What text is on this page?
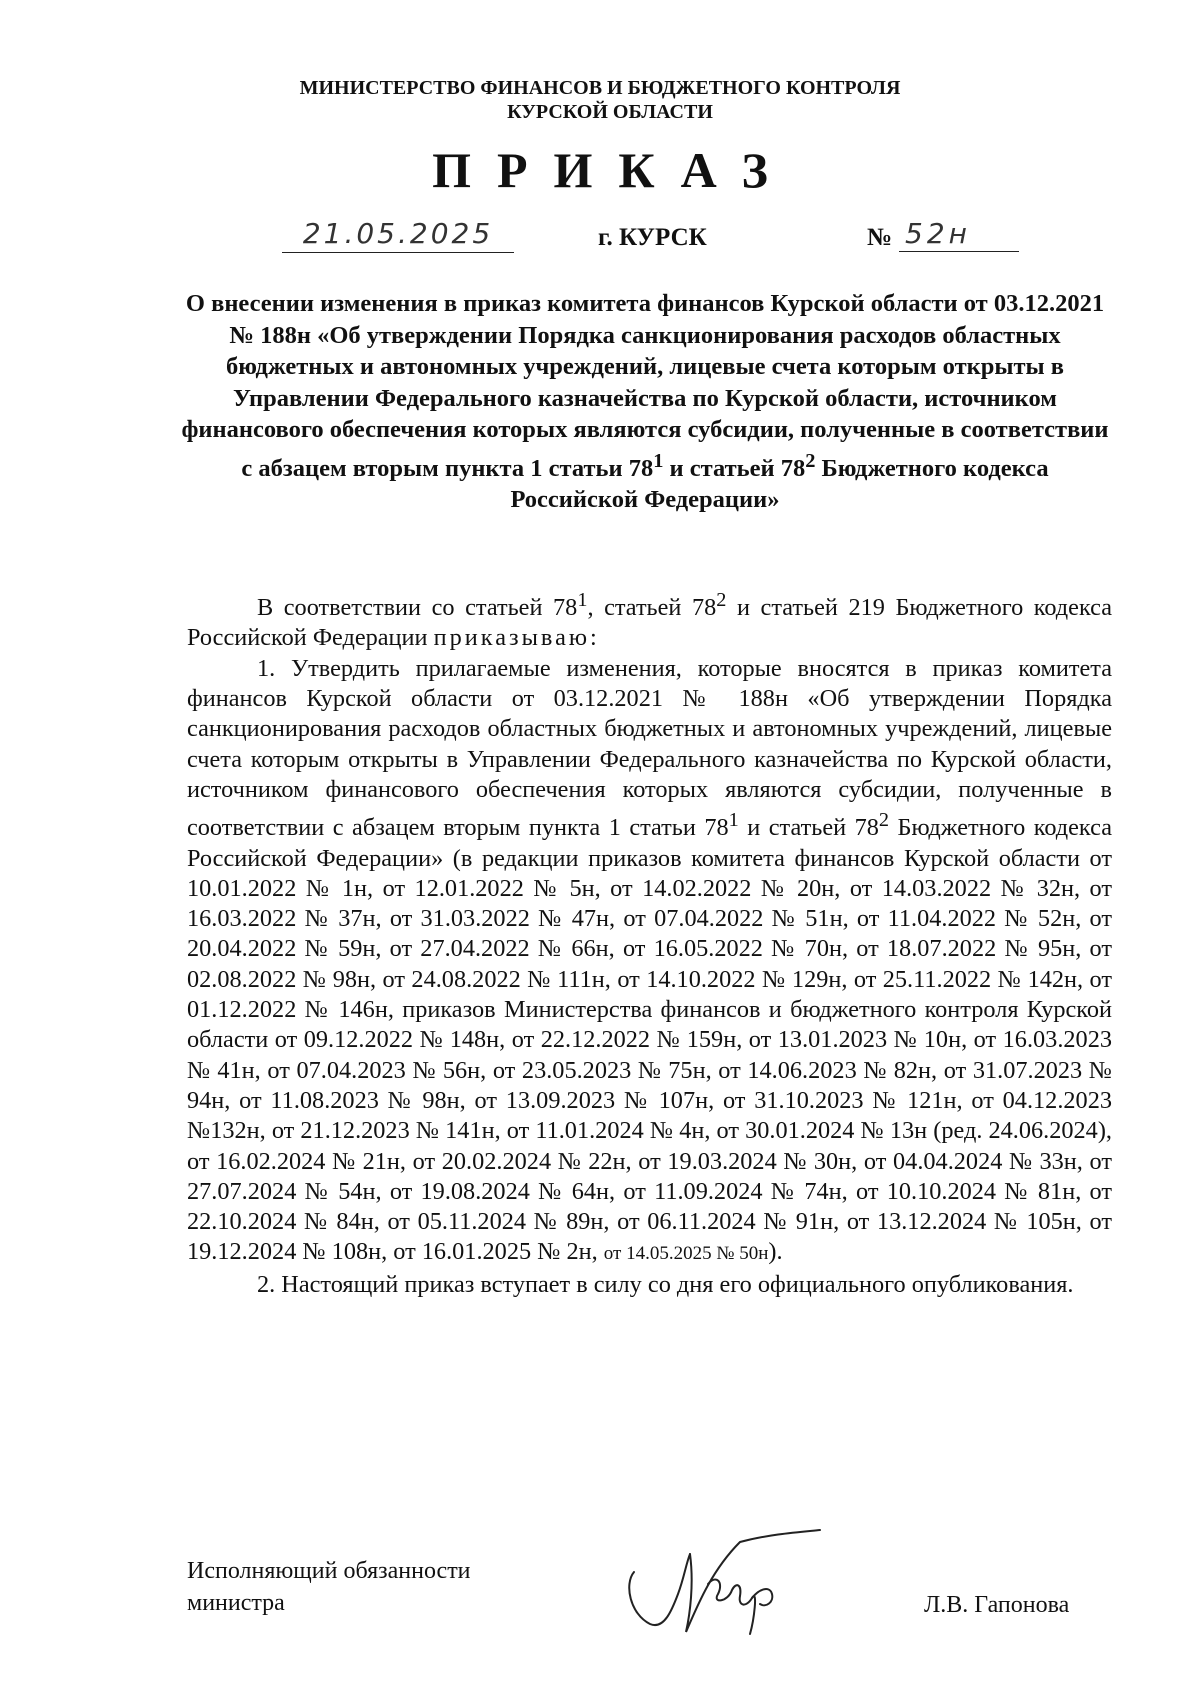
МИНИСТЕРСТВО ФИНАНСОВ И БЮДЖЕТНОГО КОНТРОЛЯ
КУРСКОЙ ОБЛАСТИ
ПРИКАЗ
21.05.2025	г. КУРСК	№ 52н
О внесении изменения в приказ комитета финансов Курской области от 03.12.2021 № 188н «Об утверждении Порядка санкционирования расходов областных бюджетных и автономных учреждений, лицевые счета которым открыты в Управлении Федерального казначейства по Курской области, источником финансового обеспечения которых являются субсидии, полученные в соответствии с абзацем вторым пункта 1 статьи $78^1$ и статьей $78^2$ Бюджетного кодекса Российской Федерации»

В соответствии со статьей $78^1$, статьей $78^2$ и статьей 219 Бюджетного кодекса Российской Федерации приказываю:

1. Утвердить прилагаемые изменения, которые вносятся в приказ комитета финансов Курской области от 03.12.2021 № 188н «Об утверждении Порядка санкционирования расходов областных бюджетных и автономных учреждений, лицевые счета которым открыты в Управлении Федерального казначейства по Курской области, источником финансового обеспечения которых являются субсидии, полученные в соответствии с абзацем вторым пункта 1 статьи $78^1$ и статьей $78^2$ Бюджетного кодекса Российской Федерации» (в редакции приказов комитета финансов Курской области от 10.01.2022 № 1н, от 12.01.2022 № 5н, от 14.02.2022 № 20н, от 14.03.2022 № 32н, от 16.03.2022 № 37н, от 31.03.2022 № 47н, от 07.04.2022 № 51н, от 11.04.2022 № 52н, от 20.04.2022 № 59н, от 27.04.2022 № 66н, от 16.05.2022 № 70н, от 18.07.2022 № 95н, от 02.08.2022 № 98н, от 24.08.2022 № 111н, от 14.10.2022 № 129н, от 25.11.2022 № 142н, от 01.12.2022 № 146н, приказов Министерства финансов и бюджетного контроля Курской области от 09.12.2022 № 148н, от 22.12.2022 № 159н, от 13.01.2023 № 10н, от 16.03.2023 № 41н, от 07.04.2023 № 56н, от 23.05.2023 № 75н, от 14.06.2023 № 82н, от 31.07.2023 № 94н, от 11.08.2023 № 98н, от 13.09.2023 № 107н, от 31.10.2023 № 121н, от 04.12.2023 №132н, от 21.12.2023 № 141н, от 11.01.2024 № 4н, от 30.01.2024 № 13н (ред. 24.06.2024), от 16.02.2024 № 21н, от 20.02.2024 № 22н, от 19.03.2024 № 30н, от 04.04.2024 № 33н, от 27.07.2024 № 54н, от 19.08.2024 № 64н, от 11.09.2024 № 74н, от 10.10.2024 № 81н, от 22.10.2024 № 84н, от 05.11.2024 № 89н, от 06.11.2024 № 91н, от 13.12.2024 № 105н, от 19.12.2024 № 108н, от 16.01.2025 № 2н, от 14.05.2025 № 50н).

2. Настоящий приказ вступает в силу со дня его официального опубликования.

Исполняющий обязанности
министра	Л.В. Гапонова
